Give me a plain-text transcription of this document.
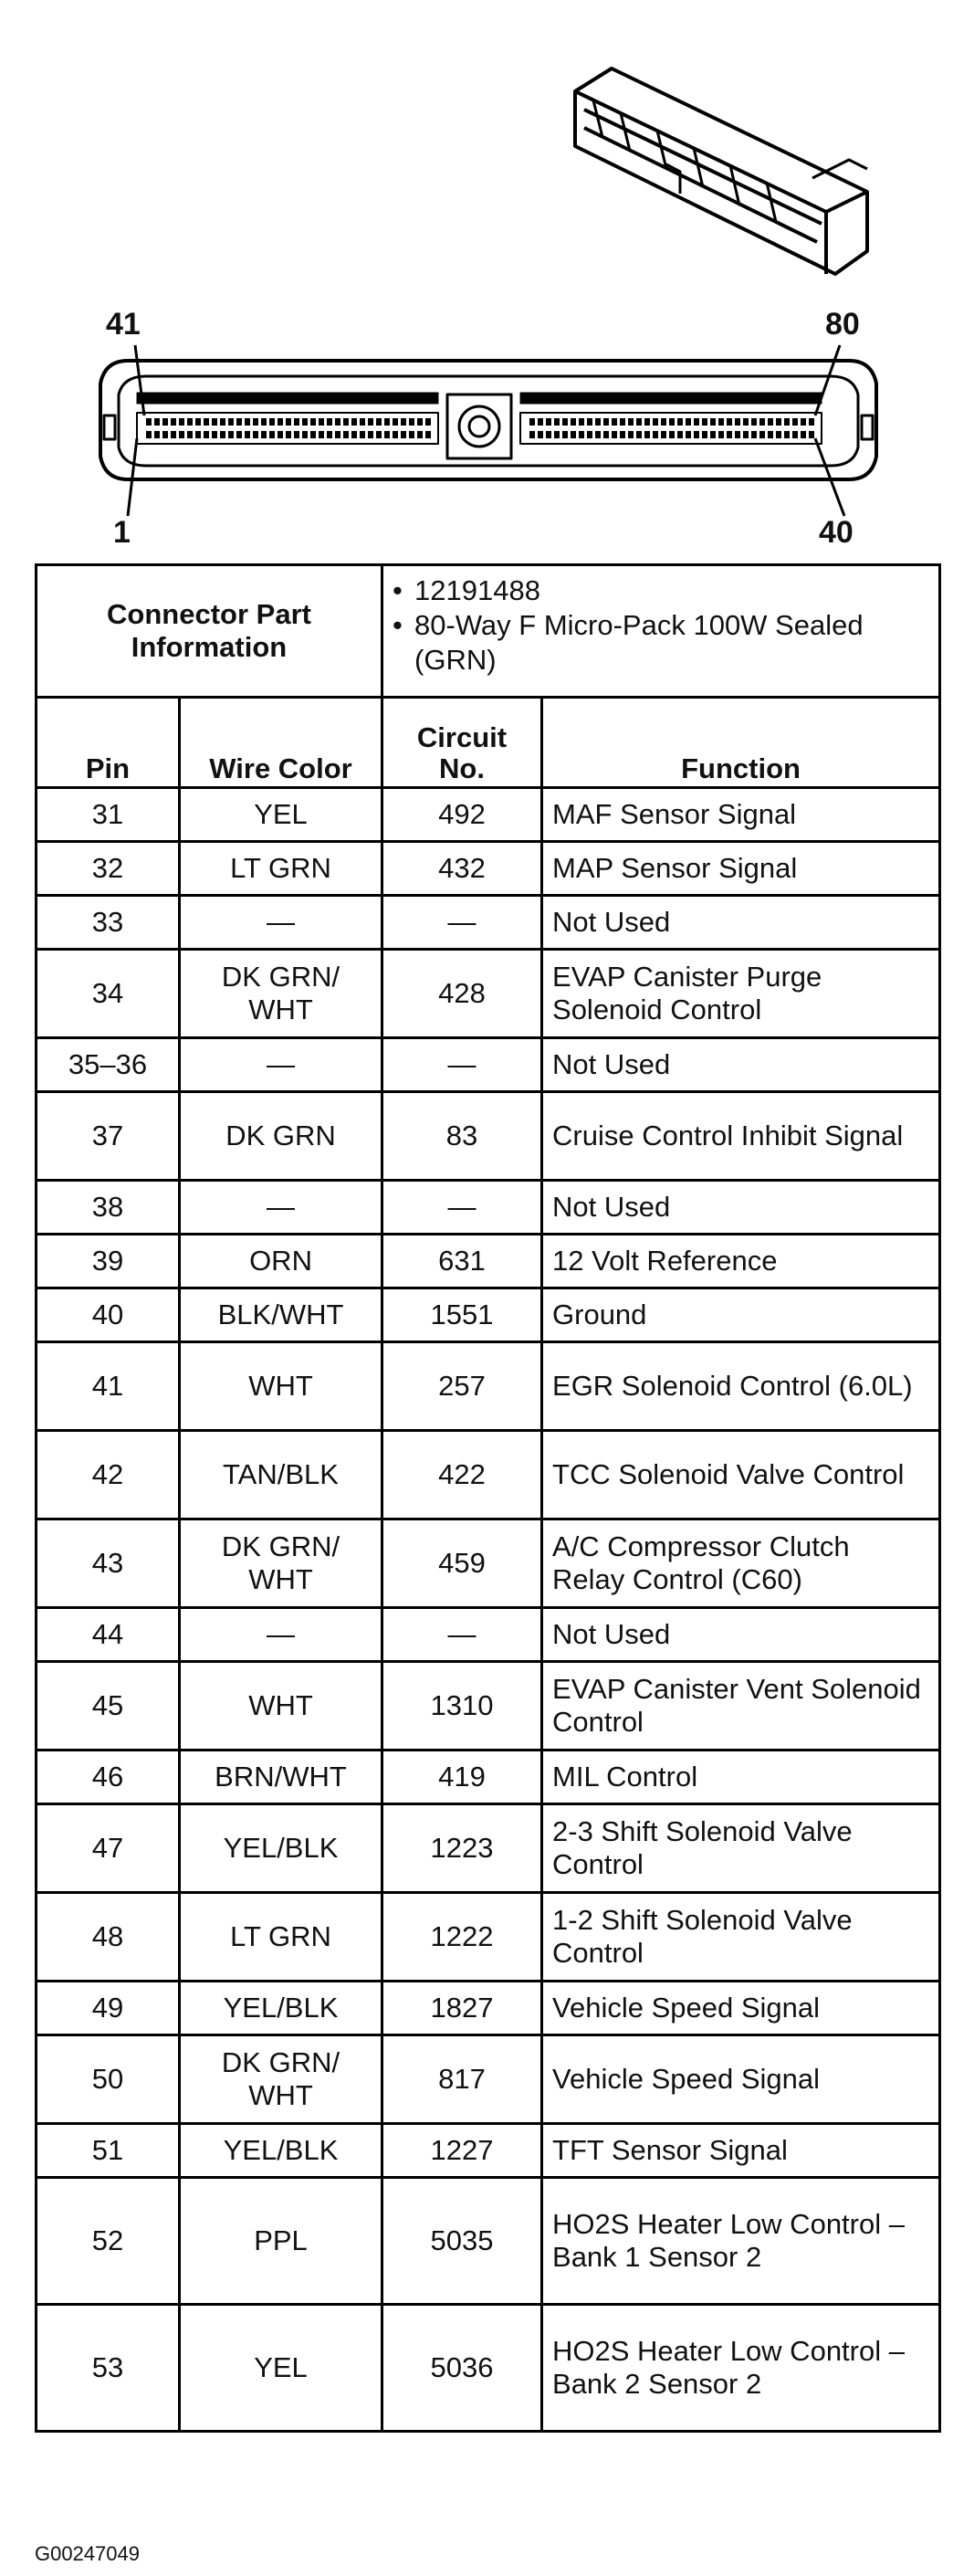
41	80
1	40
Connector Part Information		• 12191488
• 80-Way F Micro-Pack 100W Sealed (GRN)	

Pin	Wire Color	Circuit No.	Function
31	YEL	492	MAF Sensor Signal
32	LT GRN	432	MAP Sensor Signal
33	—	—	Not Used
34	DK GRN/ WHT	428	EVAP Canister Purge Solenoid Control
35–36	—	—	Not Used
37	DK GRN	83	Cruise Control Inhibit Signal
38	—	—	Not Used
39	ORN	631	12 Volt Reference
40	BLK/WHT	1551	Ground
41	WHT	257	EGR Solenoid Control (6.0L)
42	TAN/BLK	422	TCC Solenoid Valve Control
43	DK GRN/ WHT	459	A/C Compressor Clutch Relay Control (C60)
44	—	—	Not Used
45	WHT	1310	EVAP Canister Vent Solenoid Control
46	BRN/WHT	419	MIL Control
47	YEL/BLK	1223	2-3 Shift Solenoid Valve Control
48	LT GRN	1222	1-2 Shift Solenoid Valve Control
49	YEL/BLK	1827	Vehicle Speed Signal
50	DK GRN/ WHT	817	Vehicle Speed Signal
51	YEL/BLK	1227	TFT Sensor Signal
52	PPL	5035	HO2S Heater Low Control – Bank 1 Sensor 2
53	YEL	5036	HO2S Heater Low Control – Bank 2 Sensor 2
G00247049
